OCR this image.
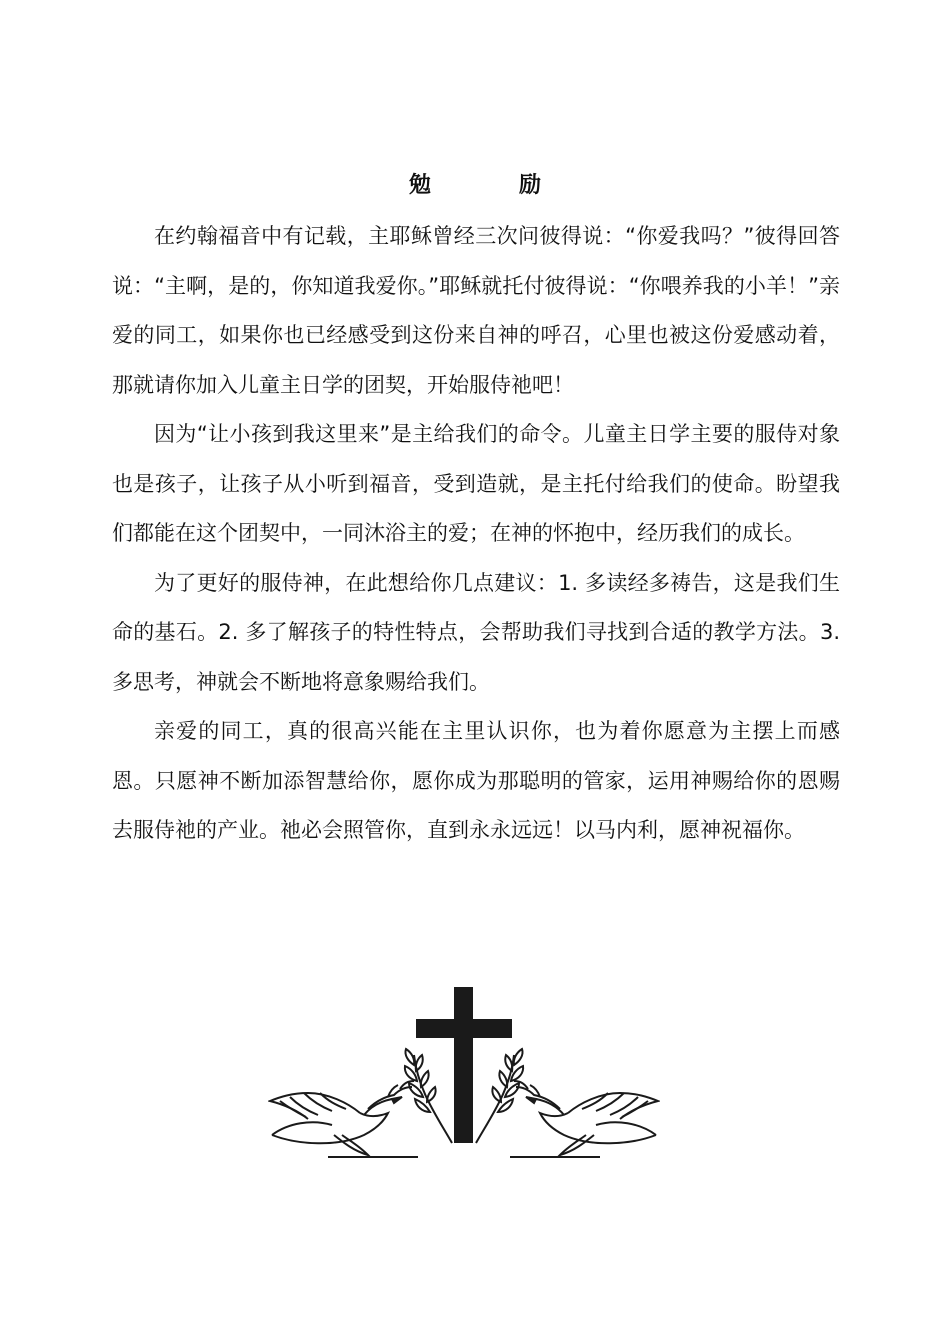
勉	励

在约翰福音中有记载，主耶稣曾经三次问彼得说：“你爱我吗？”彼得回答说：“主啊，是的，你知道我爱你。”耶稣就托付彼得说：“你喂养我的小羊！”亲爱的同工，如果你也已经感受到这份来自神的呼召，心里也被这份爱感动着，那就请你加入儿童主日学的团契，开始服侍祂吧！

因为“让小孩到我这里来”是主给我们的命令。儿童主日学主要的服侍对象也是孩子，让孩子从小听到福音，受到造就，是主托付给我们的使命。盼望我们都能在这个团契中，一同沐浴主的爱；在神的怀抱中，经历我们的成长。

为了更好的服侍神，在此想给你几点建议：1. 多读经多祷告，这是我们生命的基石。2. 多了解孩子的特性特点，会帮助我们寻找到合适的教学方法。3. 多思考，神就会不断地将意象赐给我们。

亲爱的同工，真的很高兴能在主里认识你，也为着你愿意为主摆上而感恩。只愿神不断加添智慧给你，愿你成为那聪明的管家，运用神赐给你的恩赐去服侍祂的产业。祂必会照管你，直到永永远远！以马内利，愿神祝福你。
